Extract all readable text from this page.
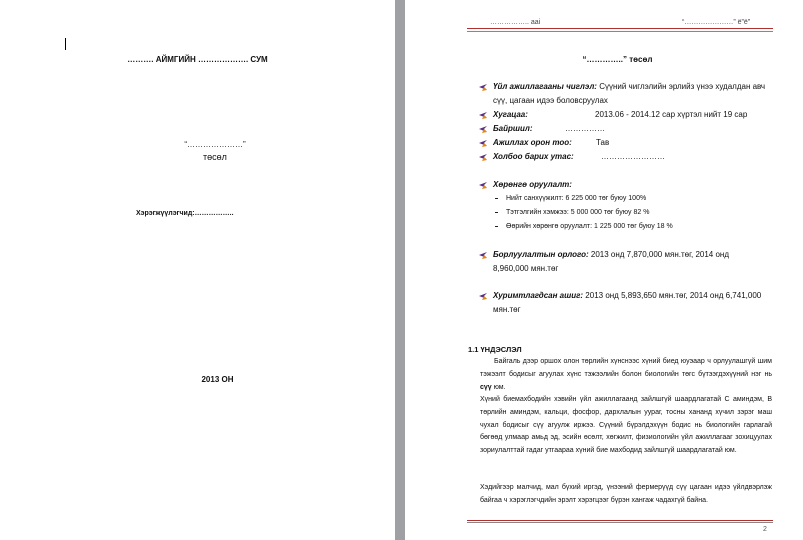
………. АЙМГИЙН ………………. СУМ
“…………………”
төсөл
Хэрэгжүүлэгчид:……………..
2013 ОН
…………….. aai	“…………………” ё”ё”
“…………..” төсөл
Үйл ажиллагааны чиглэл: Сүүний чиглэлийн эрлийз үнээ худалдан авч
сүү, цагаан идээ боловсруулах
Хугацаа:	2013.06 - 2014.12 сар хүртэл нийт 19 сар
Байршил:	……………
Ажиллах орон тоо:	Тав
Холбоо барих утас:	……………………
Хөрөнгө оруулалт:
Нийт санхүүжилт: 6 225 000 төг буюу 100%
Тэтгэлгийн хэмжээ: 5 000 000 төг буюу 82 %
Өөрийн хөрөнгө оруулалт: 1 225 000 төг буюу 18 %
Борлуулалтын орлого: 2013 онд 7,870,000 мян.төг, 2014 онд
8,960,000 мян.төг
Хуримтлагдсан ашиг: 2013 онд 5,893,650 мян.төг, 2014 онд 6,741,000
мян.төг
1.1 ҮНДЭСЛЭЛ
Байгаль дээр оршох олон төрлийн хүнснээс хүний биед юуэаар ч орлуулашгүй шим тэжээлт бодисыг агуулах хүнс тэжээлийн болон биологийн төгс бүтээгдэхүүний нэг нь сүү юм.
Хүний биемахбодийн хэвийн үйл ажиллагаанд зайлшгүй шаардлагатай С аминдэм, В төрлийн аминдэм, кальци, фосфор, дархлалын уураг, тосны хананд хүчил зэрэг маш чухал бодисыг сүү агуулж иржээ. Сүүний бүрэлдэхүүн бодис нь биологийн гарлагай бөгөөд улмаар амьд эд, эсийн өсөлт, хөгжилт, физиологийн үйл ажиллагааг зохицуулах зориулалттай гадаг утгаараа хүний бие махбодид зайлшгүй шаардлагатай юм.
Хэдийгээр малчид, мал бүхий иргэд, үнээний фермерүүд сүү цагаан идээ үйлдвэрлэж байгаа ч хэрэглэгчдийн эрэлт хэрэгцээг бүрэн хангаж чадахгүй байна.
2
